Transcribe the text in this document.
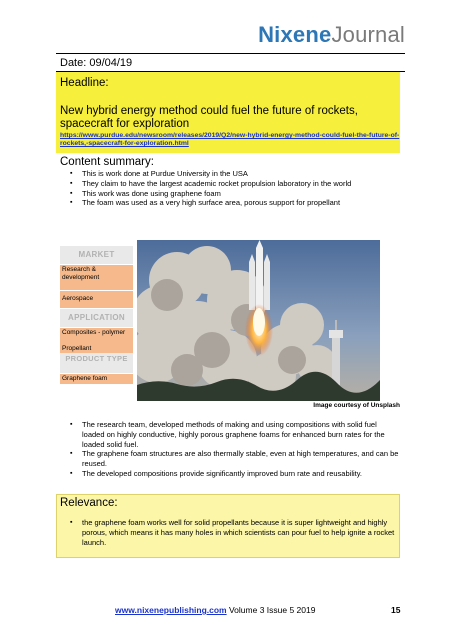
NixeneJournal
Date: 09/04/19
Headline:
New hybrid energy method could fuel the future of rockets, spacecraft for exploration
https://www.purdue.edu/newsroom/releases/2019/Q2/new-hybrid-energy-method-could-fuel-the-future-of-rockets,-spacecraft-for-exploration.html
Content summary:
▪ This is work done at Purdue University in the USA
▪ They claim to have the largest academic rocket propulsion laboratory in the world
▪ This work was done using graphene foam
▪ The foam was used as a very high surface area, porous support for propellant
MARKET
Research & development
Aerospace
APPLICATION
Composites - polymer
Propellant
PRODUCT TYPE
Graphene foam
Image courtesy of Unsplash
▪ The research team, developed methods of making and using compositions with solid fuel loaded on highly conductive, highly porous graphene foams for enhanced burn rates for the loaded solid fuel.
▪ The graphene foam structures are also thermally stable, even at high temperatures, and can be reused.
▪ The developed compositions provide significantly improved burn rate and reusability.
Relevance:
▪ the graphene foam works well for solid propellants because it is super lightweight and highly porous, which means it has many holes in which scientists can pour fuel to help ignite a rocket launch.
www.nixenepublishing.com Volume 3 Issue 5 2019	15
